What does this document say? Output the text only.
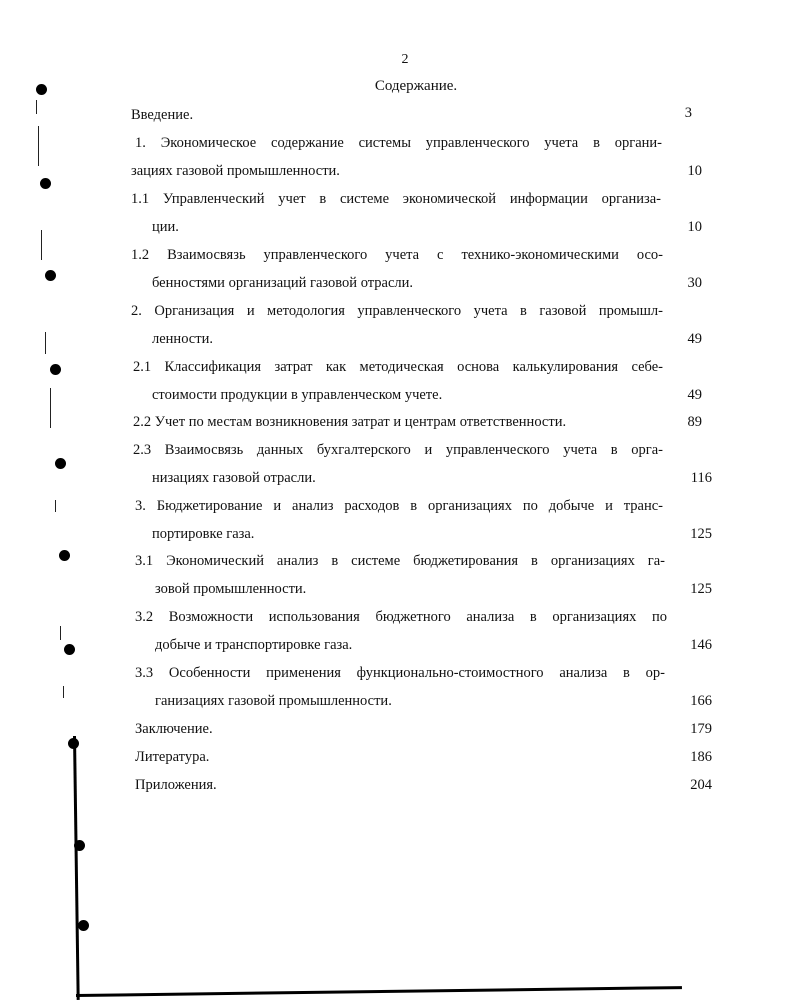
2
Содержание.
Введение.	3
1. Экономическое содержание системы управленческого учета в органи-
зациях газовой промышленности.	10
1.1 Управленческий учет в системе экономической информации организа-
ции.	10
1.2 Взаимосвязь управленческого учета с технико-экономическими осо-
бенностями организаций газовой отрасли.	30
2. Организация и методология управленческого учета в газовой промышл-
ленности.	49
2.1 Классификация затрат как методическая основа калькулирования себе-
стоимости продукции в управленческом учете.	49
2.2 Учет по местам возникновения затрат и центрам ответственности.	89
2.3 Взаимосвязь данных бухгалтерского и управленческого учета в орга-
низациях газовой отрасли.	116
3. Бюджетирование и анализ расходов в организациях по добыче и транс-
портировке газа.	125
3.1 Экономический анализ в системе бюджетирования в организациях га-
зовой промышленности.	125
3.2 Возможности использования бюджетного анализа в организациях по
добыче и транспортировке газа.	146
3.3 Особенности применения функционально-стоимостного анализа в ор-
ганизациях газовой промышленности.	166
Заключение.	179
Литература.	186
Приложения.	204
